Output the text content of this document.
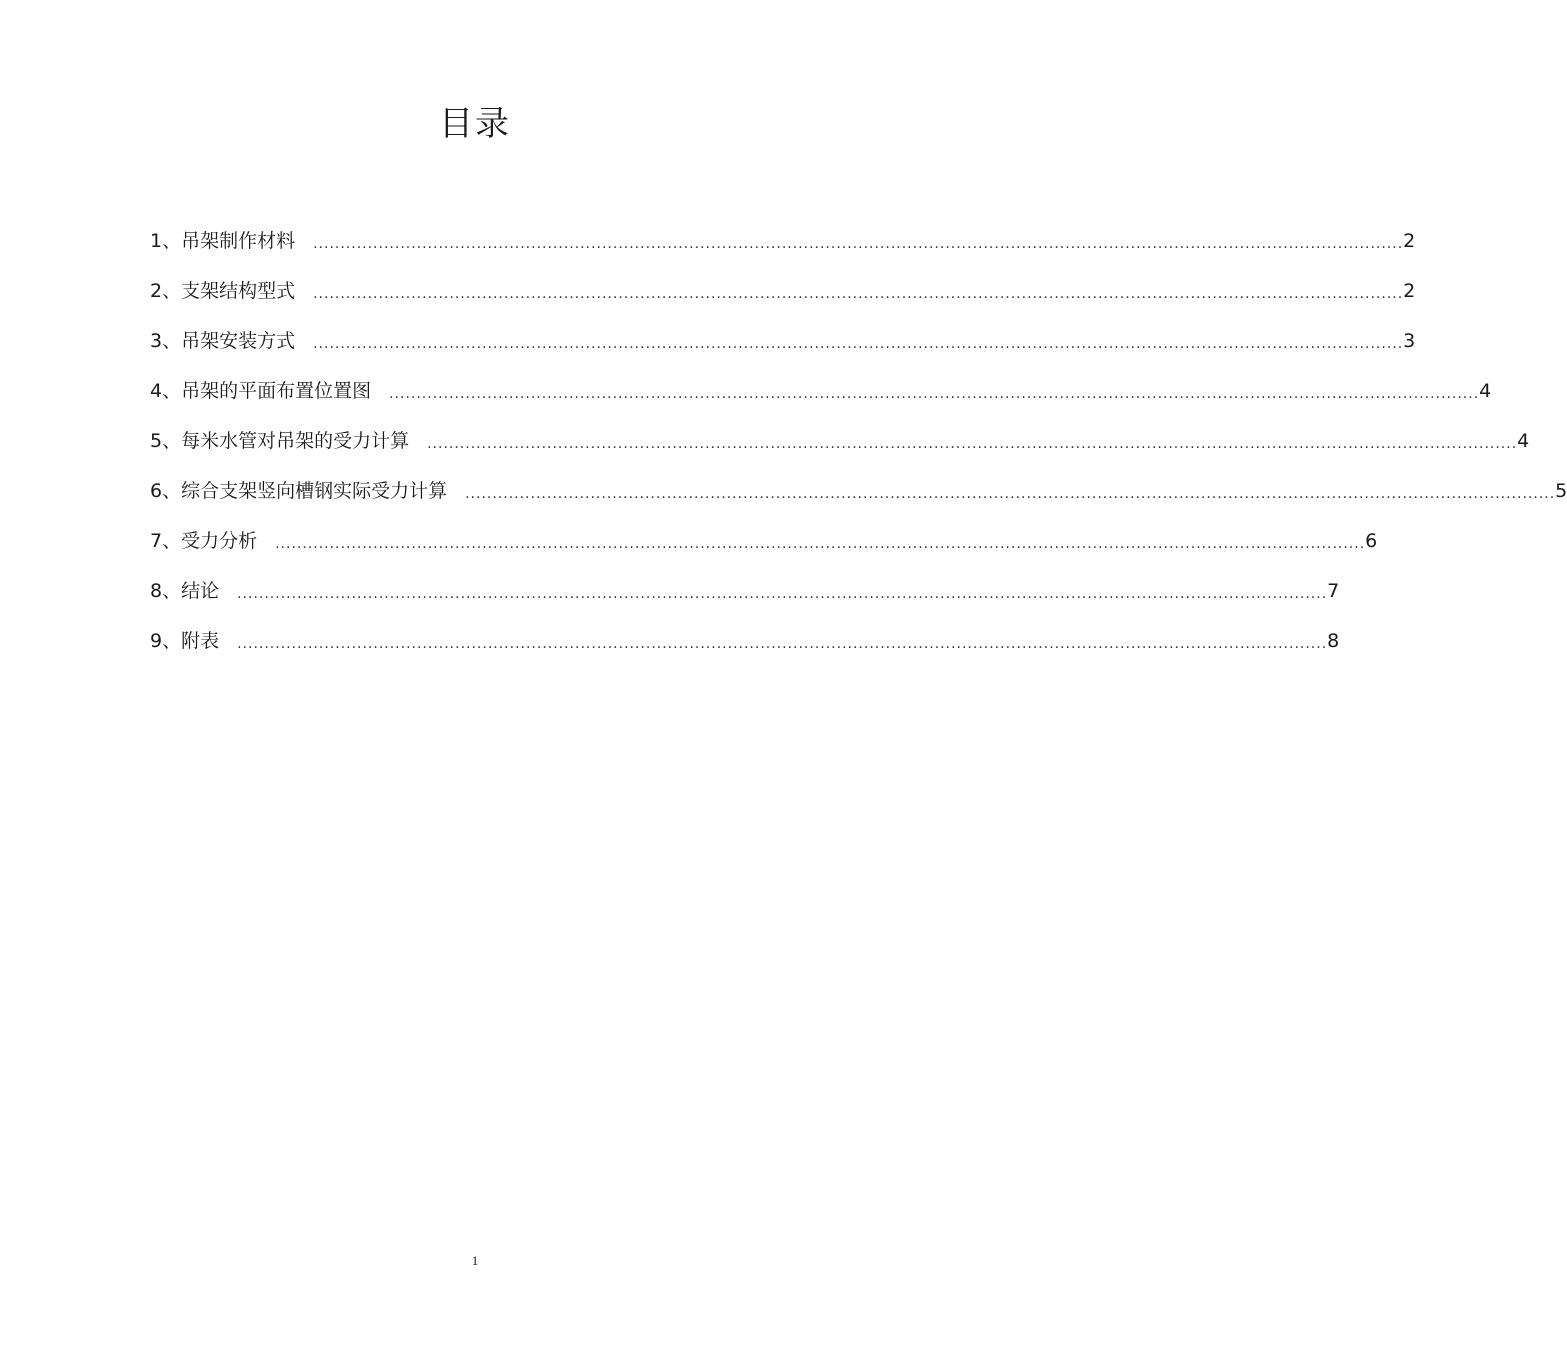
目录
1、 吊架制作材料	........................................................................................................................................................................................................ 2
2、 支架结构型式	........................................................................................................................................................................................................ 2
3、 吊架安装方式	........................................................................................................................................................................................................ 3
4、 吊架的平面布置位置图	........................................................................................................................................................................................................ 4
5、 每米水管对吊架的受力计算	........................................................................................................................................................................................................ 4
6、 综合支架竖向槽钢实际受力计算	........................................................................................................................................................................................................ 5
7、 受力分析	........................................................................................................................................................................................................ 6
8、 结论	........................................................................................................................................................................................................ 7
9、 附表	........................................................................................................................................................................................................ 8
1
